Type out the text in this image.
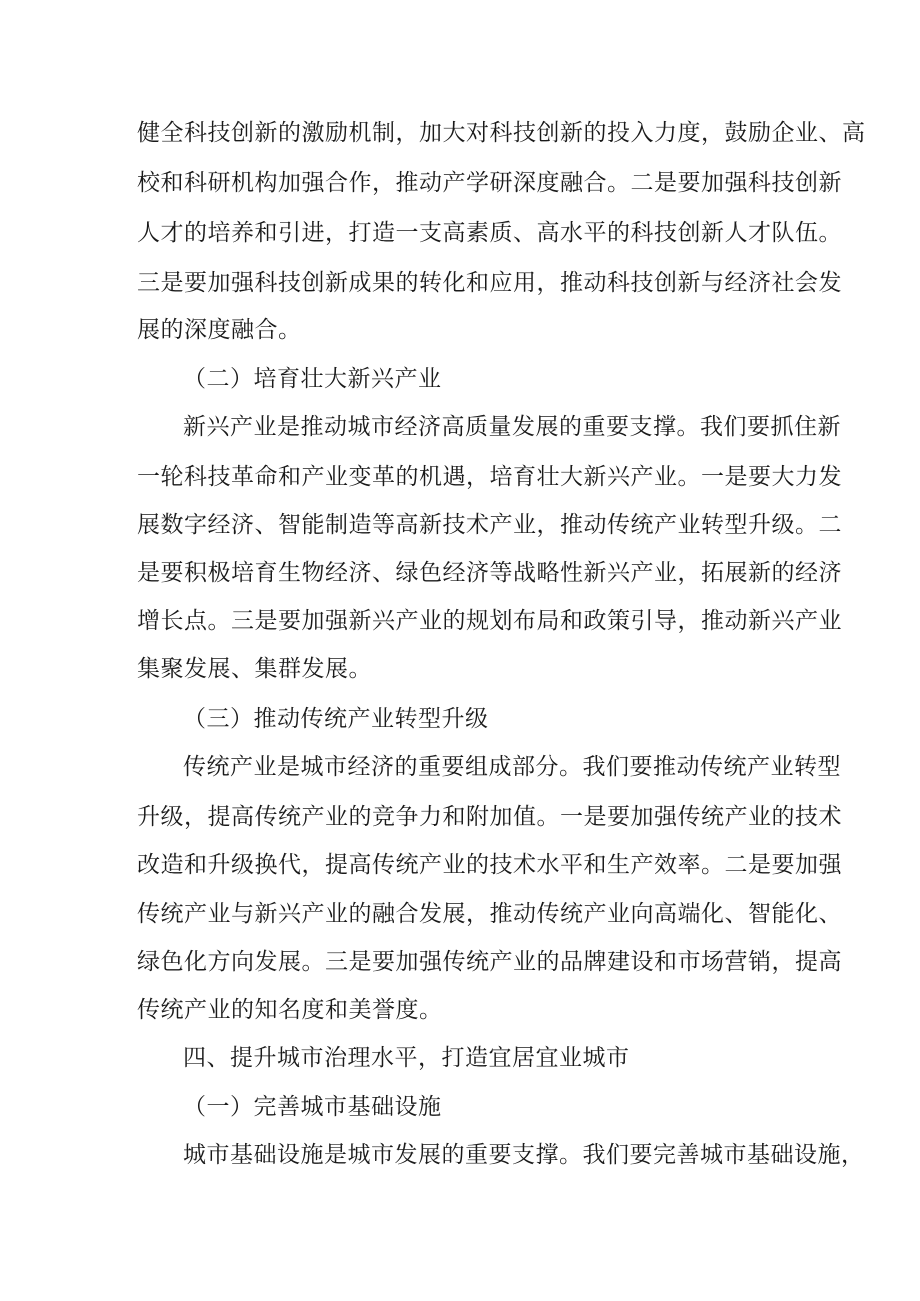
健全科技创新的激励机制，加大对科技创新的投入力度，鼓励企业、高
校和科研机构加强合作，推动产学研深度融合。二是要加强科技创新
人才的培养和引进，打造一支高素质、高水平的科技创新人才队伍。
三是要加强科技创新成果的转化和应用，推动科技创新与经济社会发
展的深度融合。
（二）培育壮大新兴产业
新兴产业是推动城市经济高质量发展的重要支撑。我们要抓住新
一轮科技革命和产业变革的机遇，培育壮大新兴产业。一是要大力发
展数字经济、智能制造等高新技术产业，推动传统产业转型升级。二
是要积极培育生物经济、绿色经济等战略性新兴产业，拓展新的经济
增长点。三是要加强新兴产业的规划布局和政策引导，推动新兴产业
集聚发展、集群发展。
（三）推动传统产业转型升级
传统产业是城市经济的重要组成部分。我们要推动传统产业转型
升级，提高传统产业的竞争力和附加值。一是要加强传统产业的技术
改造和升级换代，提高传统产业的技术水平和生产效率。二是要加强
传统产业与新兴产业的融合发展，推动传统产业向高端化、智能化、
绿色化方向发展。三是要加强传统产业的品牌建设和市场营销，提高
传统产业的知名度和美誉度。
四、提升城市治理水平，打造宜居宜业城市
（一）完善城市基础设施
城市基础设施是城市发展的重要支撑。我们要完善城市基础设施，
